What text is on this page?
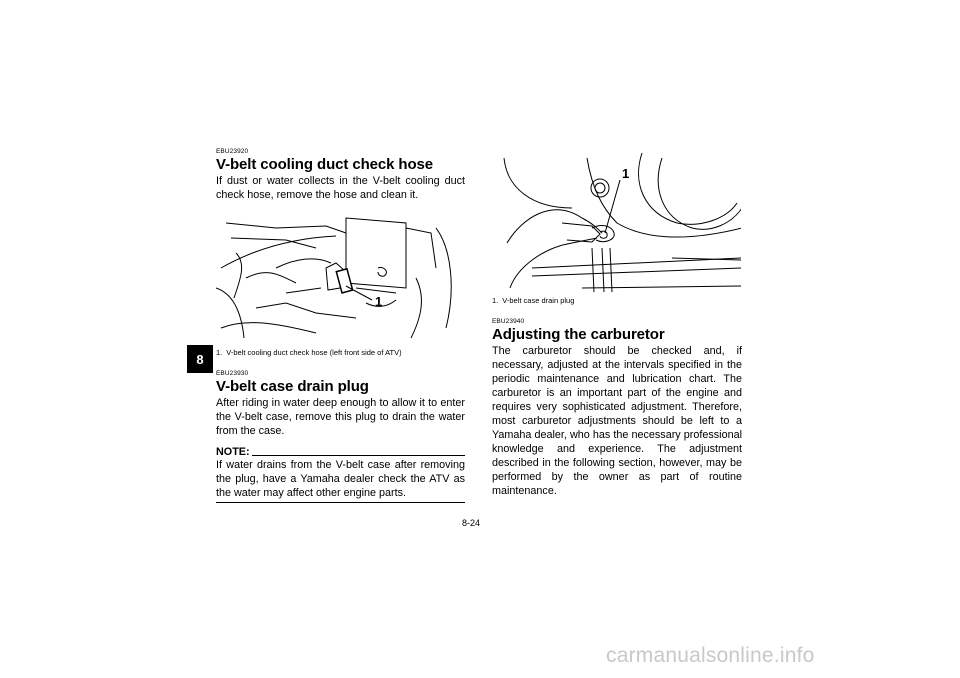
8
EBU23920
V-belt cooling duct check hose

If dust or water collects in the V-belt cooling duct check hose, remove the hose and clean it.

1
1. V-belt cooling duct check hose (left front side of ATV)
EBU23930
V-belt case drain plug

After riding in water deep enough to allow it to enter the V-belt case, remove this plug to drain the water from the case.

NOTE:

If water drains from the V-belt case after removing the plug, have a Yamaha dealer check the ATV as the water may affect other engine parts.

1
1. V-belt case drain plug
EBU23940
Adjusting the carburetor

The carburetor should be checked and, if necessary, adjusted at the intervals specified in the periodic maintenance and lubrication chart. The carburetor is an important part of the engine and requires very sophisticated adjustment. Therefore, most carburetor adjustments should be left to a Yamaha dealer, who has the necessary professional knowledge and experience. The adjustment described in the following section, however, may be performed by the owner as part of routine maintenance.

8-24
carmanualsonline.info
